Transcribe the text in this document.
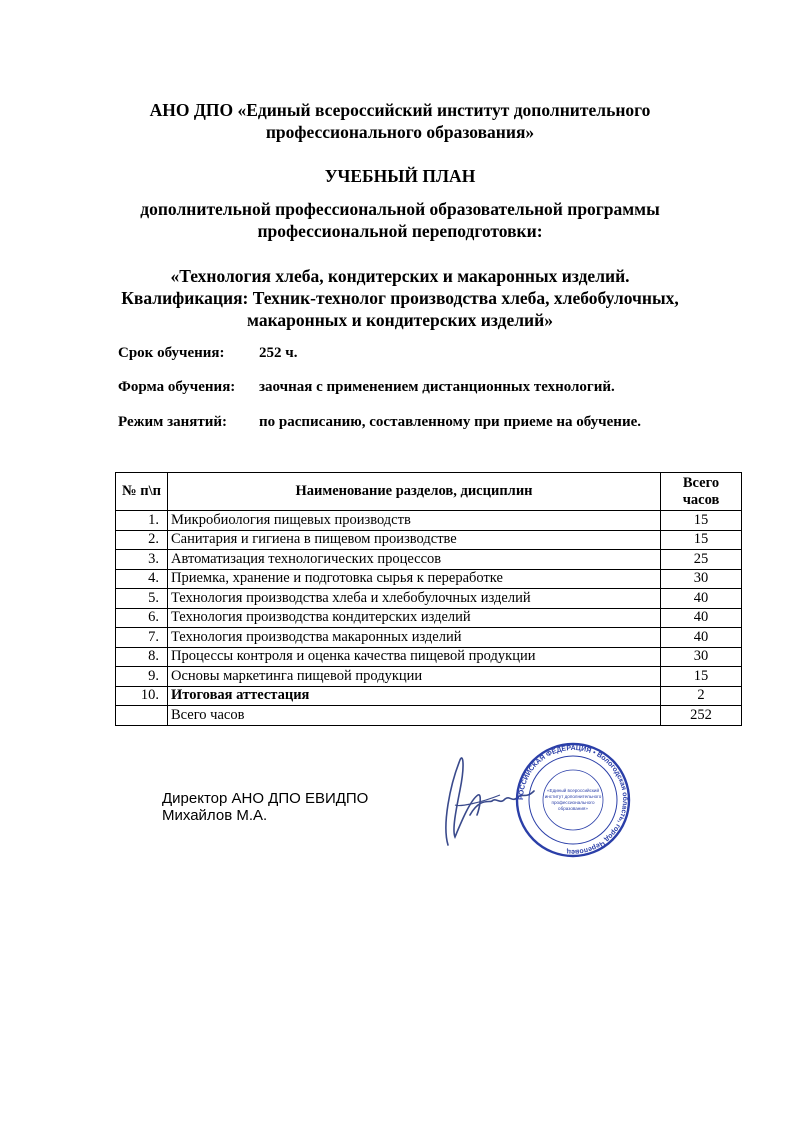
АНО ДПО «Единый всероссийский институт дополнительного
профессионального образования»
УЧЕБНЫЙ ПЛАН
дополнительной профессиональной образовательной программы
профессиональной переподготовки:
«Технология хлеба, кондитерских и макаронных изделий.
Квалификация: Техник-технолог производства хлеба, хлебобулочных,
макаронных и кондитерских изделий»
Срок обучения: 252 ч.
Форма обучения: заочная с применением дистанционных технологий.
Режим занятий: по расписанию, составленному при приеме на обучение.
№ п\п	Наименование разделов, дисциплин	Всего
часов

1.	Микробиология пищевых производств	15
2.	Санитария и гигиена в пищевом производстве	15
3.	Автоматизация технологических процессов	25
4.	Приемка, хранение и подготовка сырья к переработке	30
5.	Технология производства хлеба и хлебобулочных изделий	40
6.	Технология производства кондитерских изделий	40
7.	Технология производства макаронных изделий	40
8.	Процессы контроля и оценка качества пищевой продукции	30
9.	Основы маркетинга пищевой продукции	15
10.	Итоговая аттестация	2
	Всего часов	252
Директор АНО ДПО ЕВИДПО
Михайлов М.А.
РОССИЙСКАЯ ФЕДЕРАЦИЯ • Вологодская область, город Череповец
«Единый всероссийский
институт дополнительного
профессионального
образования»
